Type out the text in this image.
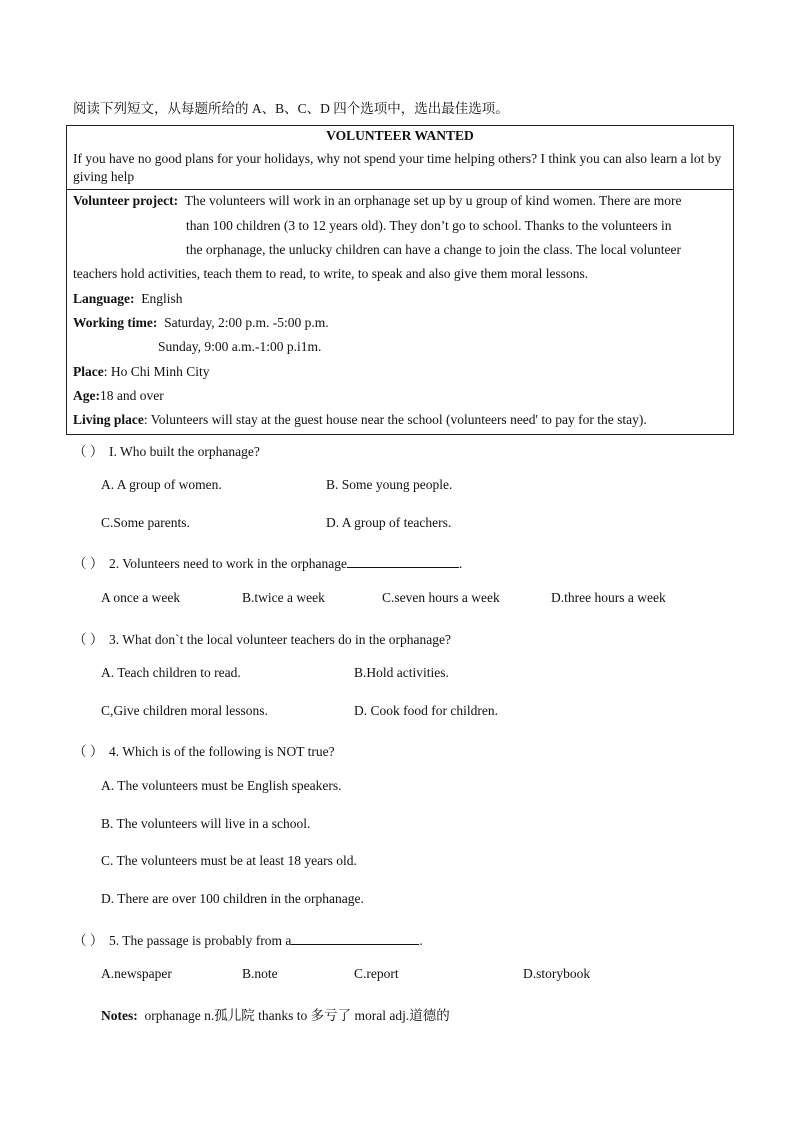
阅读下列短文，从每题所给的 A、B、C、D 四个选项中，选出最佳选项。
VOLUNTEER WANTED
If you have no good plans for your holidays, why not spend your time helping others? I think you can also learn a lot by giving help
Volunteer project: The volunteers will work in an orphanage set up by u group of kind women. There are more
than 100 children (3 to 12 years old). They don’t go to school. Thanks to the volunteers in
the orphanage, the unlucky children can have a change to join the class. The local volunteer
teachers hold activities, teach them to read, to write, to speak and also give them moral lessons.
Language: English
Working time: Saturday, 2:00 p.m. -5:00 p.m.
Sunday, 9:00 a.m.-1:00 p.i1m.
Place: Ho Chi Minh City
Age:18 and over
Living place: Volunteers will stay at the guest house near the school (volunteers need' to pay for the stay).
（ ） I. Who built the orphanage?
A. A group of women.	B. Some young people.
C.Some parents.	D. A group of teachers.
（ ） 2. Volunteers need to work in the orphanage	.
A once a week	B.twice a week	C.seven hours a week	D.three hours a week
（ ） 3. What don`t the local volunteer teachers do in the orphanage?
A. Teach children to read.	B.Hold activities.
C,Give children moral lessons.	D. Cook food for children.
（ ） 4. Which is of the following is NOT true?
A. The volunteers must be English speakers.
B. The volunteers will live in a school.
C. The volunteers must be at least 18 years old.
D. There are over 100 children in the orphanage.
（ ） 5. The passage is probably from a	.
A.newspaper	B.note	C.report	D.storybook
Notes: orphanage n.孤儿院 thanks to 多亏了 moral adj.道德的
